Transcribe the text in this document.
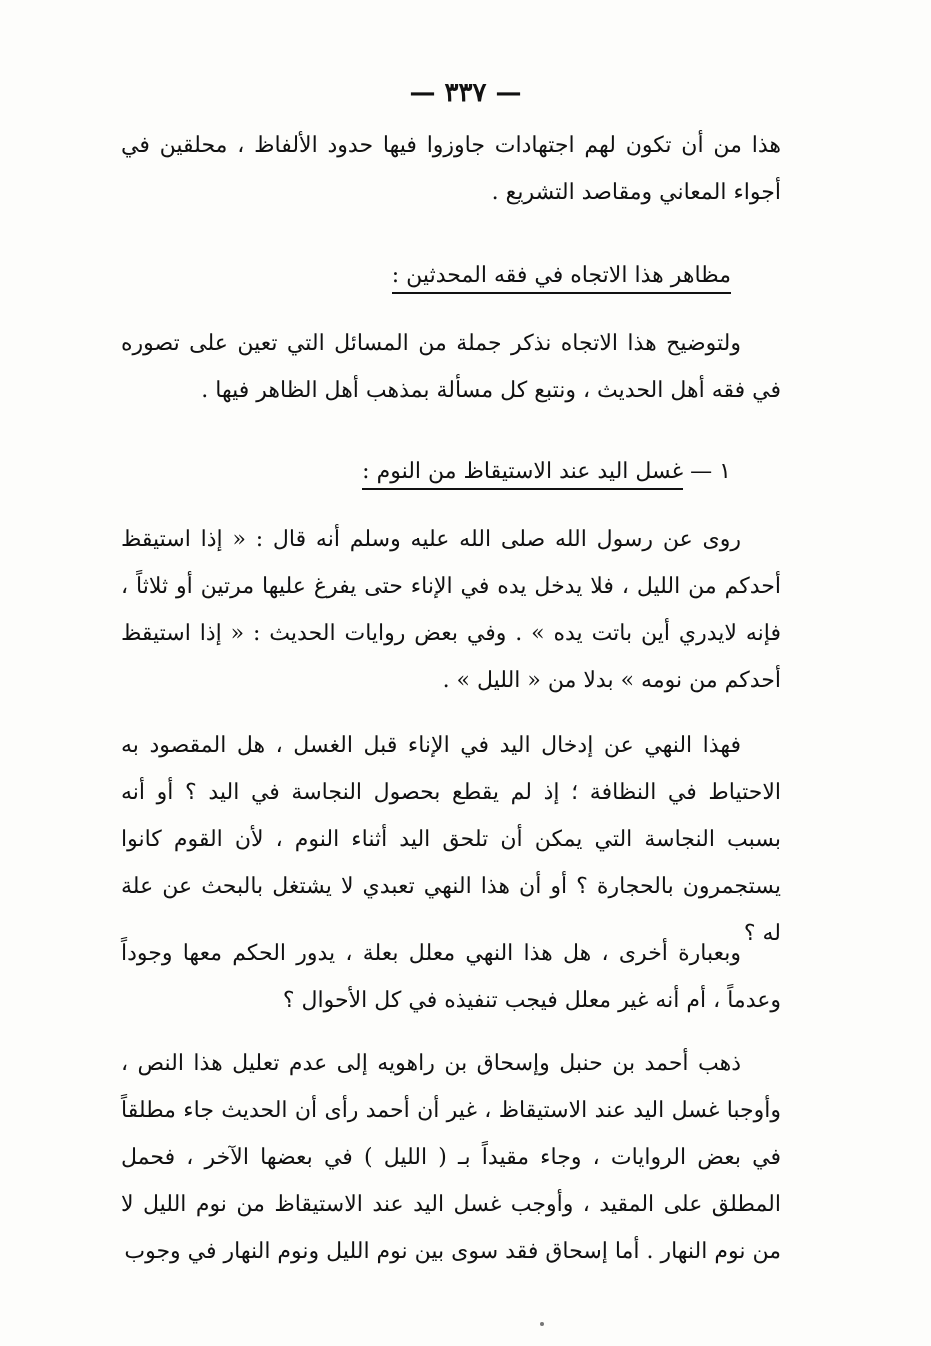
— ٣٣٧ —

هذا من أن تكون لهم اجتهادات جاوزوا فيها حدود الألفاظ ، محلقين في أجواء المعاني ومقاصد التشريع .

مظاهر هذا الاتجاه في فقه المحدثين :

ولتوضيح هذا الاتجاه نذكر جملة من المسائل التي تعين على تصوره في فقه أهل الحديث ، ونتبع كل مسألة بمذهب أهل الظاهر فيها .

١ — غسل اليد عند الاستيقاظ من النوم :

روى عن رسول الله صلى الله عليه وسلم أنه قال : « إذا استيقظ أحدكم من الليل ، فلا يدخل يده في الإناء حتى يفرغ عليها مرتين أو ثلاثاً ، فإنه لايدري أين باتت يده » . وفي بعض روايات الحديث : « إذا استيقظ أحدكم من نومه » بدلا من « الليل » .

فهذا النهي عن إدخال اليد في الإناء قبل الغسل ، هل المقصود به الاحتياط في النظافة ؛ إذ لم يقطع بحصول النجاسة في اليد ؟ أو أنه بسبب النجاسة التي يمكن أن تلحق اليد أثناء النوم ، لأن القوم كانوا يستجمرون بالحجارة ؟ أو أن هذا النهي تعبدي لا يشتغل بالبحث عن علة له ؟

وبعبارة أخرى ، هل هذا النهي معلل بعلة ، يدور الحكم معها وجوداً وعدماً ، أم أنه غير معلل فيجب تنفيذه في كل الأحوال ؟

ذهب أحمد بن حنبل وإسحاق بن راهويه إلى عدم تعليل هذا النص ، وأوجبا غسل اليد عند الاستيقاظ ، غير أن أحمد رأى أن الحديث جاء مطلقاً في بعض الروايات ، وجاء مقيداً بـ ( الليل ) في بعضها الآخر ، فحمل المطلق على المقيد ، وأوجب غسل اليد عند الاستيقاظ من نوم الليل لا من نوم النهار . أما إسحاق فقد سوى بين نوم الليل ونوم النهار في وجوب
